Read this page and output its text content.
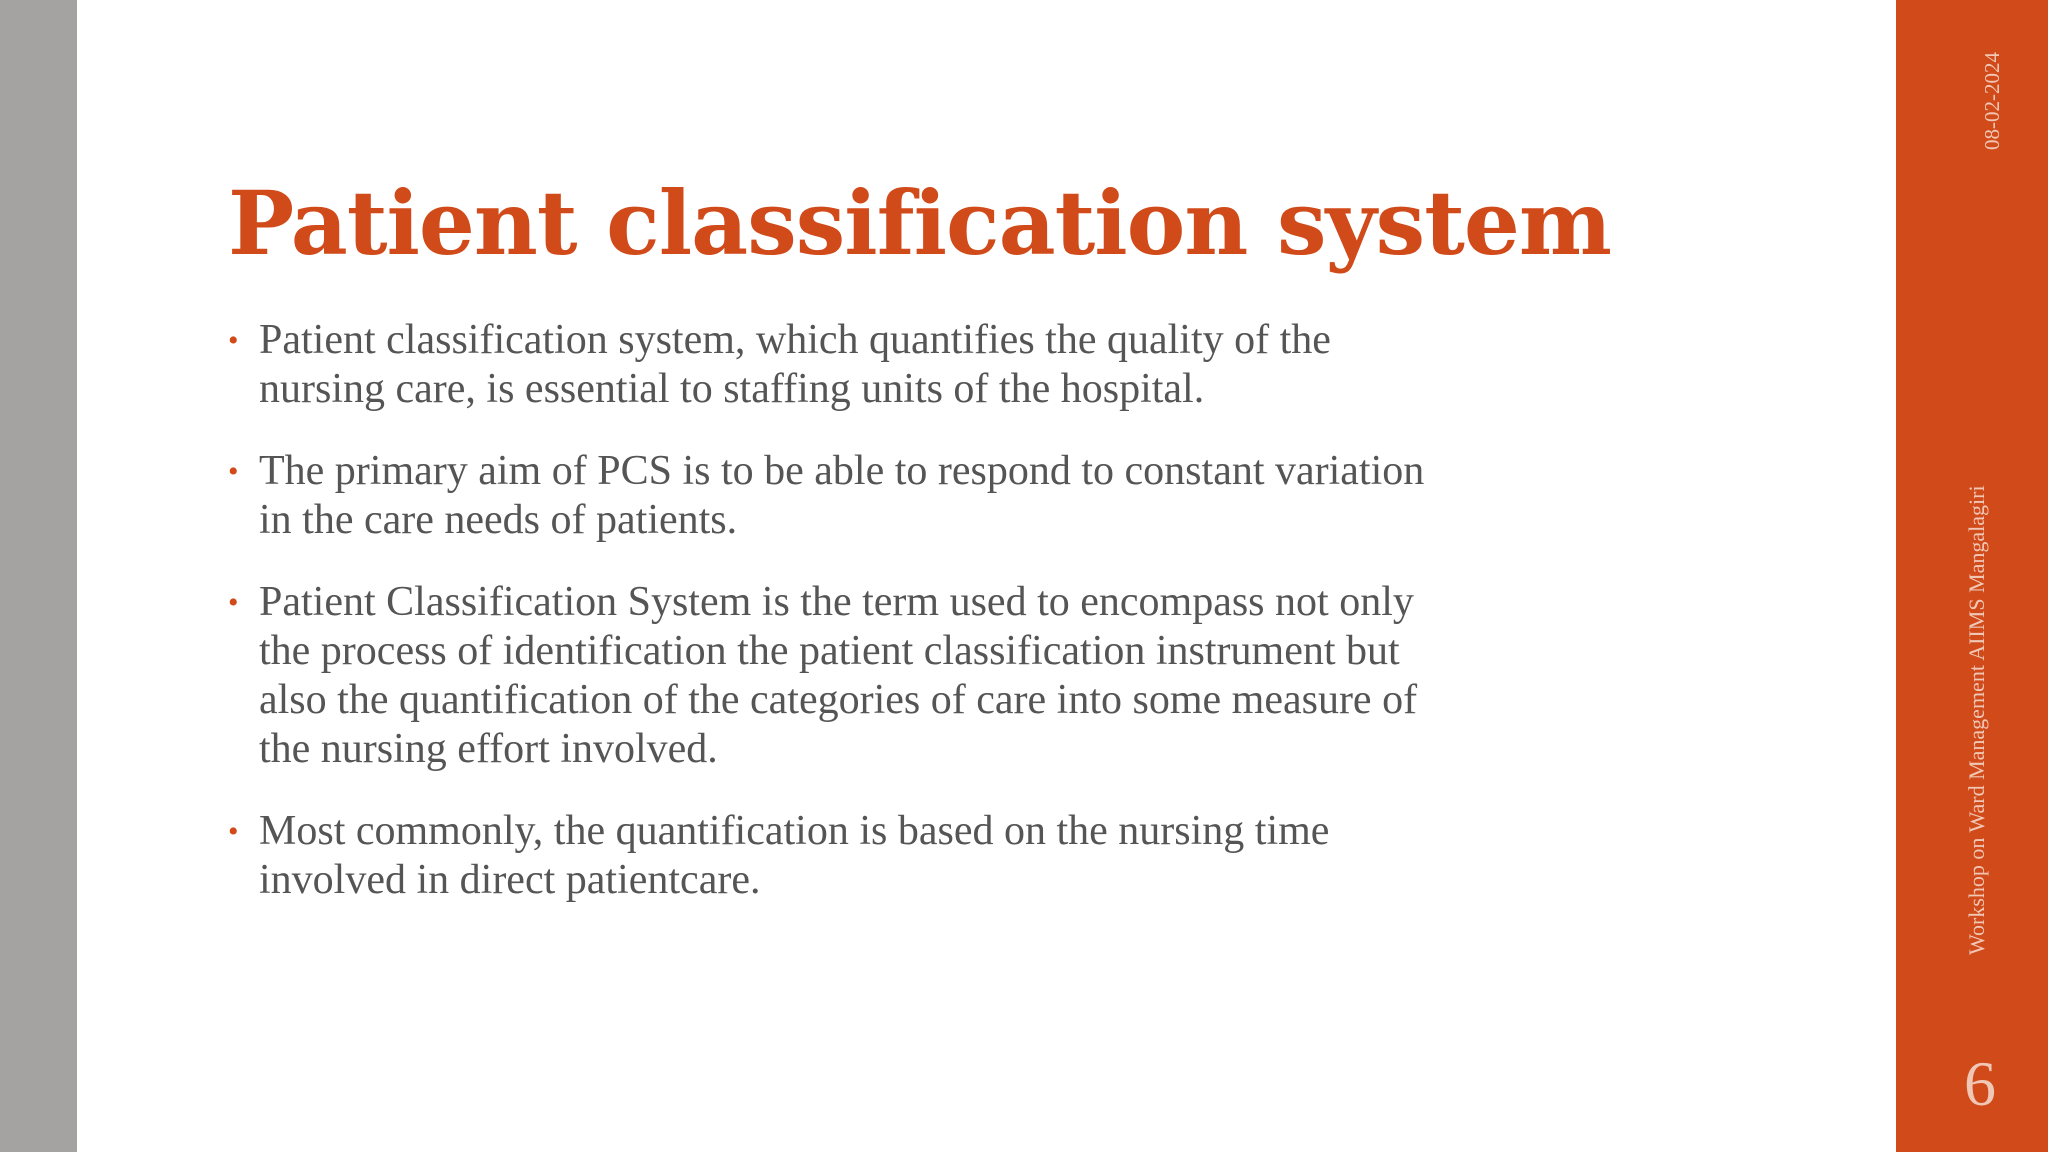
Patient classification system
• Patient classification system, which quantifies the quality of the
nursing care, is essential to staffing units of the hospital.
• The primary aim of PCS is to be able to respond to constant variation
in the care needs of patients.
• Patient Classification System is the term used to encompass not only
the process of identification the patient classification instrument but
also the quantification of the categories of care into some measure of
the nursing effort involved.
• Most commonly, the quantification is based on the nursing time
involved in direct patientcare.
08-02-2024
Workshop on Ward Management AIIMS Mangalagiri
6
